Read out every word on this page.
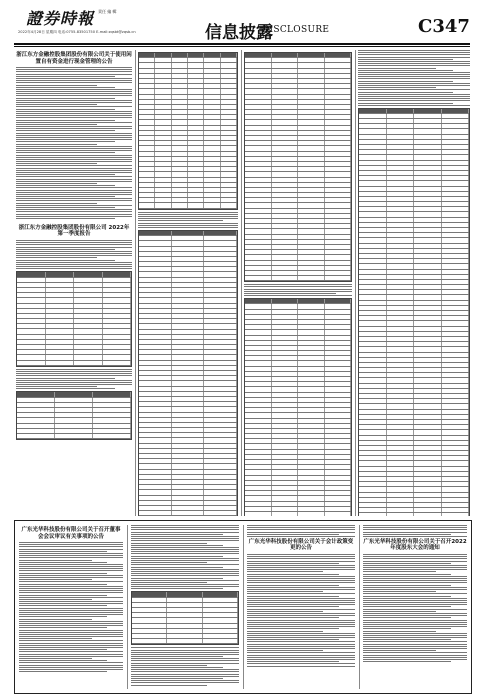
證券時報 責任 編 輯
2022年4月28日 星期四 电话:0755-83501750 E-mail:zqsbt@zqsb.cn	信息披露
DISCLOSURE	C347
浙江东方金融控股集团股份有限公司关于使用闲置自有资金进行现金管理的公告
浙江东方金融控股集团股份有限公司 2022年第一季度报告
广东光华科技股份有限公司关于召开董事会会议审议有关事项的公告
广东光华科技股份有限公司关于会计政策变更的公告
广东光华科技股份有限公司关于召开2022年度股东大会的通知
